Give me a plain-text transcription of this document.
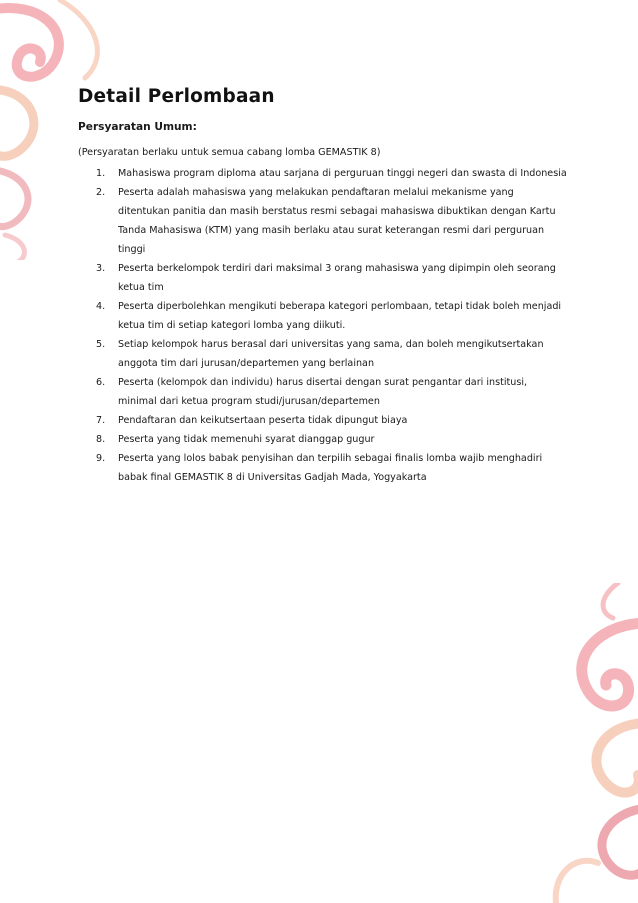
Detail Perlombaan

Persyaratan Umum:

(Persyaratan berlaku untuk semua cabang lomba GEMASTIK 8)

1. Mahasiswa program diploma atau sarjana di perguruan tinggi negeri dan swasta di Indonesia
2. Peserta adalah mahasiswa yang melakukan pendaftaran melalui mekanisme yang ditentukan panitia dan masih berstatus resmi sebagai mahasiswa dibuktikan dengan Kartu Tanda Mahasiswa (KTM) yang masih berlaku atau surat keterangan resmi dari perguruan tinggi
3. Peserta berkelompok terdiri dari maksimal 3 orang mahasiswa yang dipimpin oleh seorang ketua tim
4. Peserta diperbolehkan mengikuti beberapa kategori perlombaan, tetapi tidak boleh menjadi ketua tim di setiap kategori lomba yang diikuti.
5. Setiap kelompok harus berasal dari universitas yang sama, dan boleh mengikutsertakan anggota tim dari jurusan/departemen yang berlainan
6. Peserta (kelompok dan individu) harus disertai dengan surat pengantar dari institusi, minimal dari ketua program studi/jurusan/departemen
7. Pendaftaran dan keikutsertaan peserta tidak dipungut biaya
8. Peserta yang tidak memenuhi syarat dianggap gugur
9. Peserta yang lolos babak penyisihan dan terpilih sebagai finalis lomba wajib menghadiri babak final GEMASTIK 8 di Universitas Gadjah Mada, Yogyakarta
